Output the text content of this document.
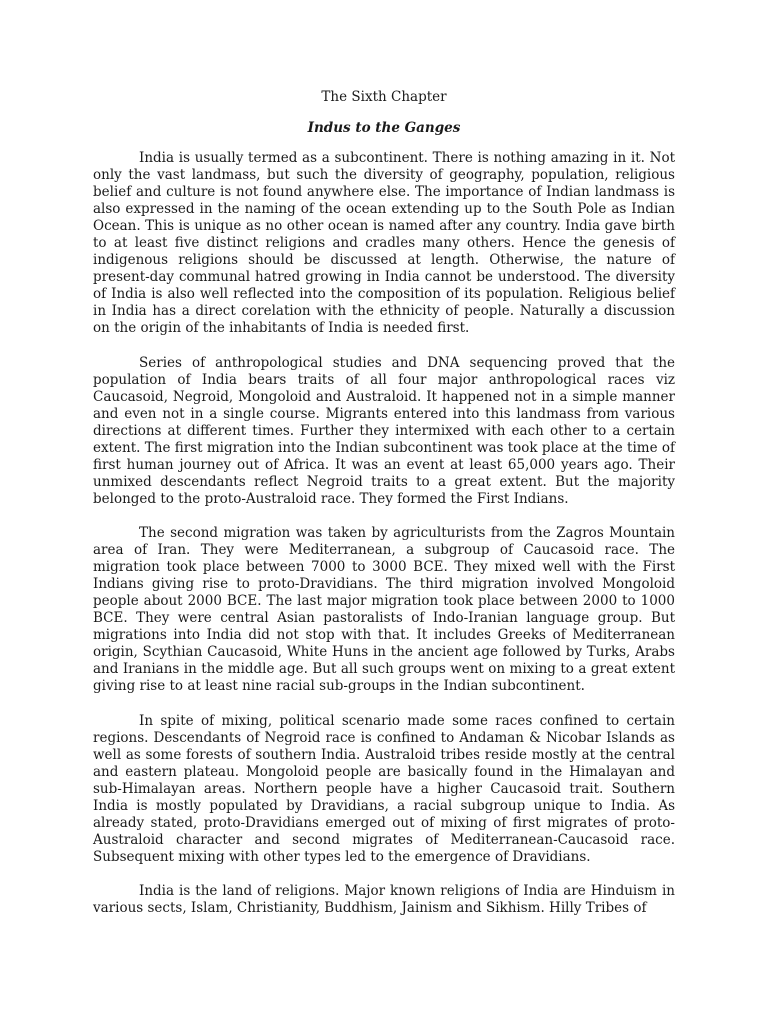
The Sixth Chapter
Indus to the Ganges

India is usually termed as a subcontinent. There is nothing amazing in it. Not only the vast landmass, but such the diversity of geography, population, religious belief and culture is not found anywhere else. The importance of Indian landmass is also expressed in the naming of the ocean extending up to the South Pole as Indian Ocean. This is unique as no other ocean is named after any country. India gave birth to at least five distinct religions and cradles many others. Hence the genesis of indigenous religions should be discussed at length. Otherwise, the nature of present-day communal hatred growing in India cannot be understood. The diversity of India is also well reflected into the composition of its population. Religious belief in India has a direct corelation with the ethnicity of people. Naturally a discussion on the origin of the inhabitants of India is needed first.

Series of anthropological studies and DNA sequencing proved that the population of India bears traits of all four major anthropological races viz Caucasoid, Negroid, Mongoloid and Australoid. It happened not in a simple manner and even not in a single course. Migrants entered into this landmass from various directions at different times. Further they intermixed with each other to a certain extent. The first migration into the Indian subcontinent was took place at the time of first human journey out of Africa. It was an event at least 65,000 years ago. Their unmixed descendants reflect Negroid traits to a great extent. But the majority belonged to the proto-Australoid race. They formed the First Indians.

The second migration was taken by agriculturists from the Zagros Mountain area of Iran. They were Mediterranean, a subgroup of Caucasoid race. The migration took place between 7000 to 3000 BCE. They mixed well with the First Indians giving rise to proto-Dravidians. The third migration involved Mongoloid people about 2000 BCE. The last major migration took place between 2000 to 1000 BCE. They were central Asian pastoralists of Indo-Iranian language group. But migrations into India did not stop with that. It includes Greeks of Mediterranean origin, Scythian Caucasoid, White Huns in the ancient age followed by Turks, Arabs and Iranians in the middle age. But all such groups went on mixing to a great extent giving rise to at least nine racial sub-groups in the Indian subcontinent.

In spite of mixing, political scenario made some races confined to certain regions. Descendants of Negroid race is confined to Andaman & Nicobar Islands as well as some forests of southern India. Australoid tribes reside mostly at the central and eastern plateau. Mongoloid people are basically found in the Himalayan and sub-Himalayan areas. Northern people have a higher Caucasoid trait. Southern India is mostly populated by Dravidians, a racial subgroup unique to India. As already stated, proto-Dravidians emerged out of mixing of first migrates of proto-Australoid character and second migrates of Mediterranean-Caucasoid race. Subsequent mixing with other types led to the emergence of Dravidians.

India is the land of religions. Major known religions of India are Hinduism in various sects, Islam, Christianity, Buddhism, Jainism and Sikhism. Hilly Tribes of
